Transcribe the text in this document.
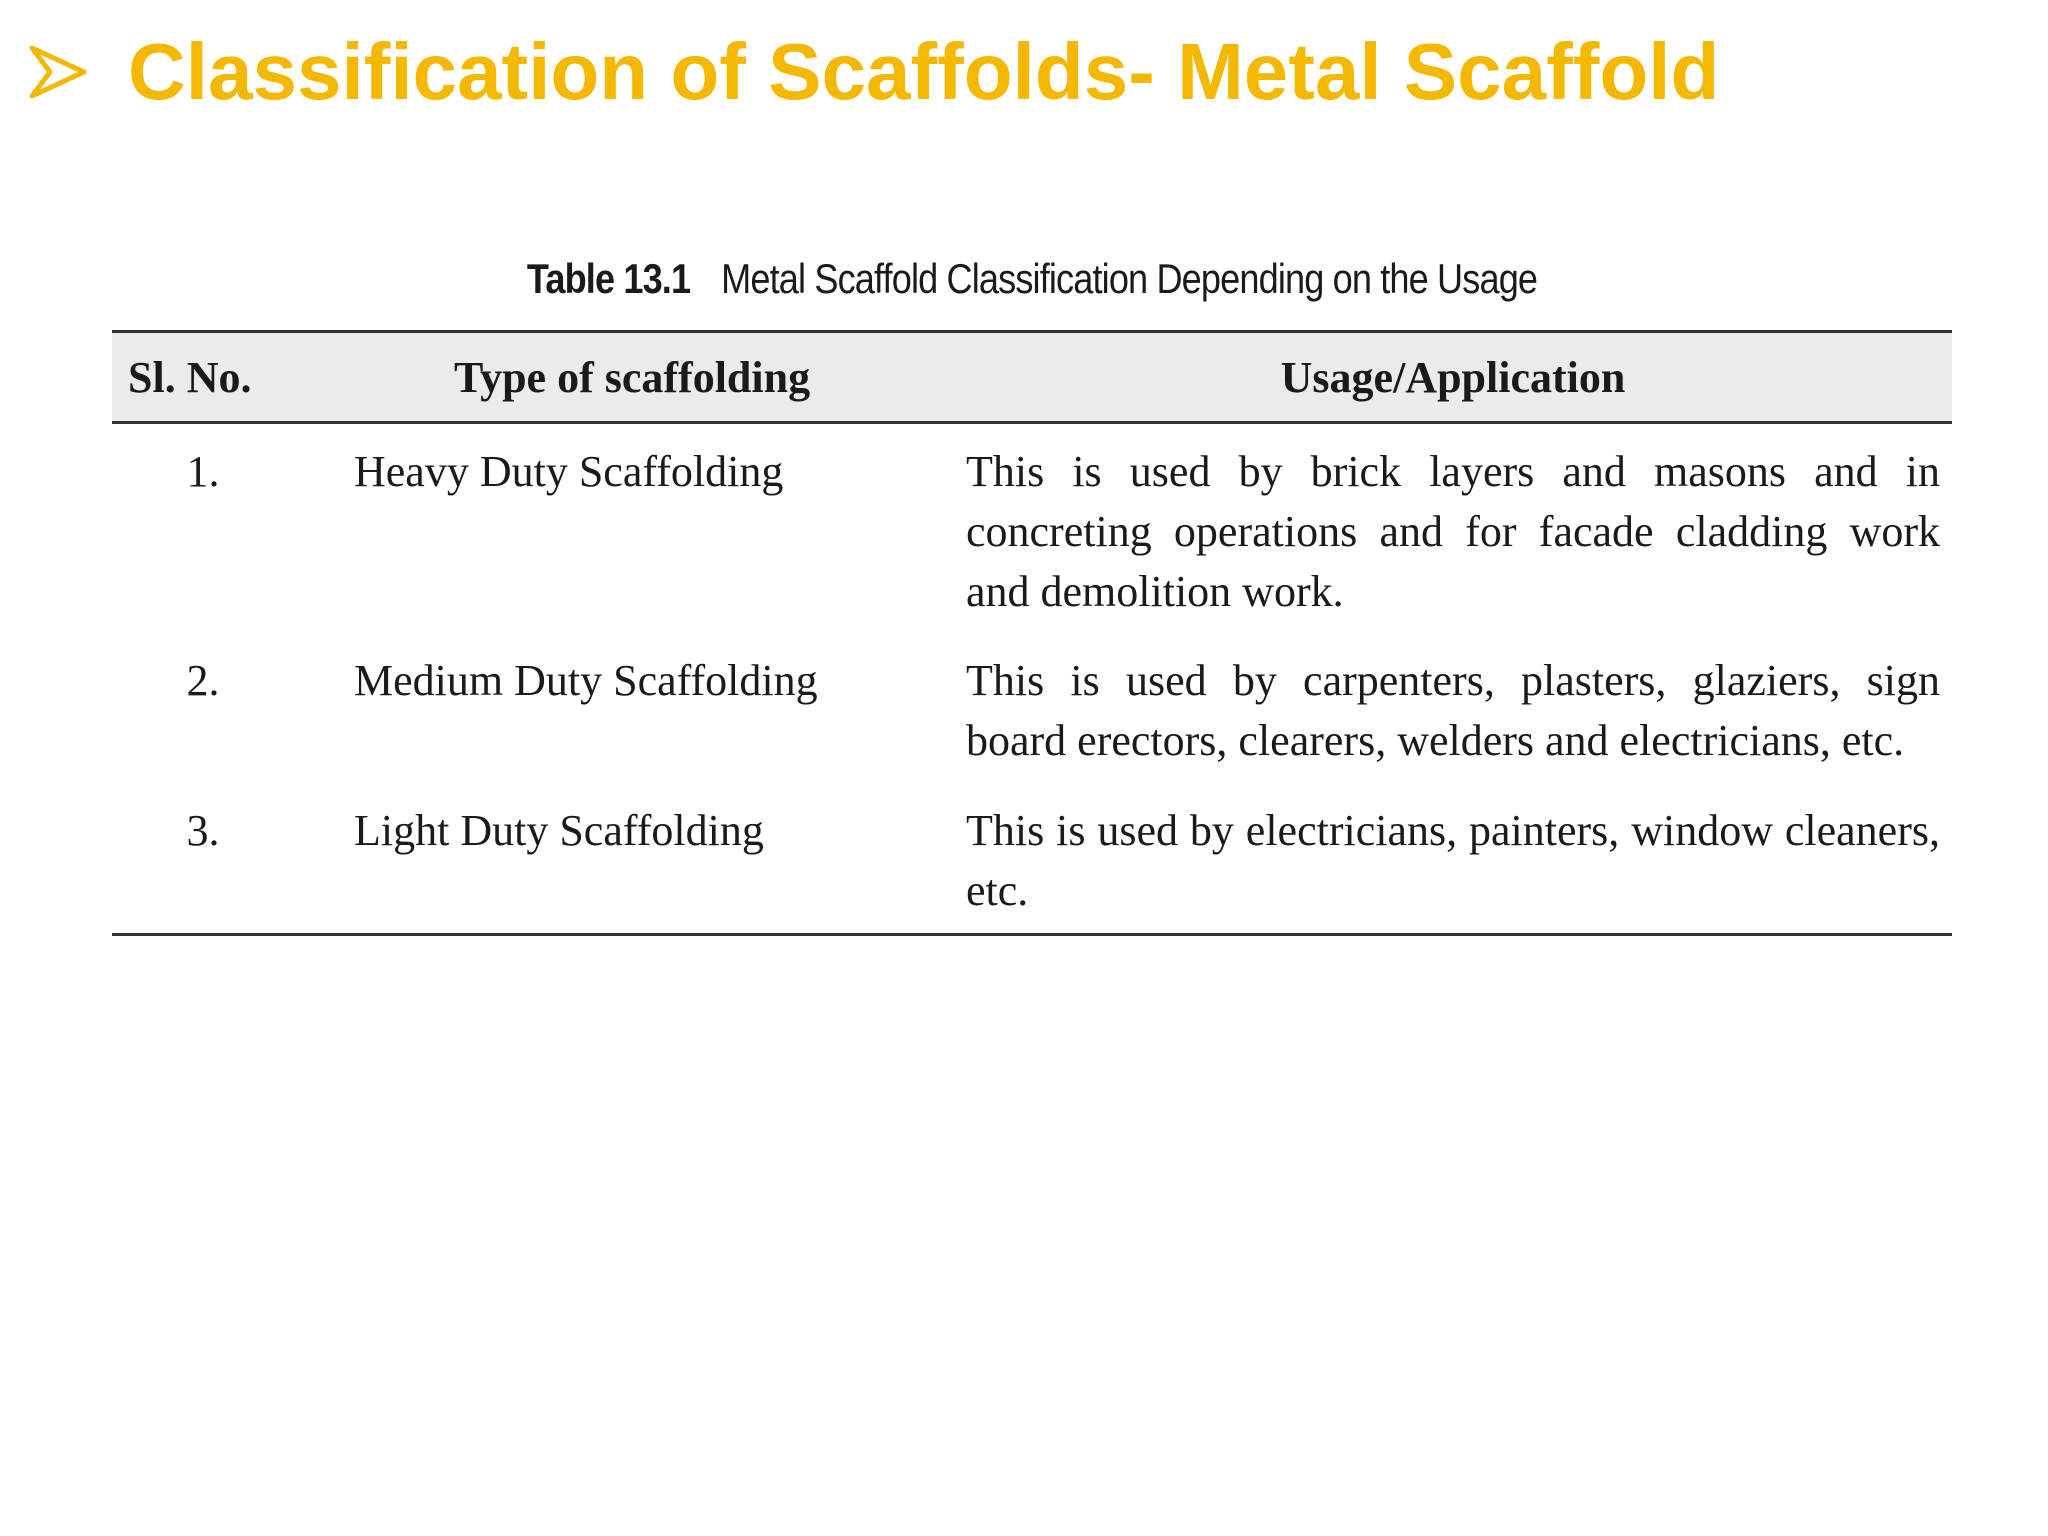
Classification of Scaffolds- Metal Scaffold
Table 13.1 Metal Scaffold Classification Depending on the Usage
Sl. No.	Type of scaffolding	Usage/Application
1.	Heavy Duty Scaffolding	This is used by brick layers and masons and in concreting operations and for facade cladding work and demolition work.
2.	Medium Duty Scaffolding	This is used by carpenters, plasters, glaziers, sign board erectors, clearers, welders and electricians, etc.
3.	Light Duty Scaffolding	This is used by electricians, painters, window cleaners, etc.
